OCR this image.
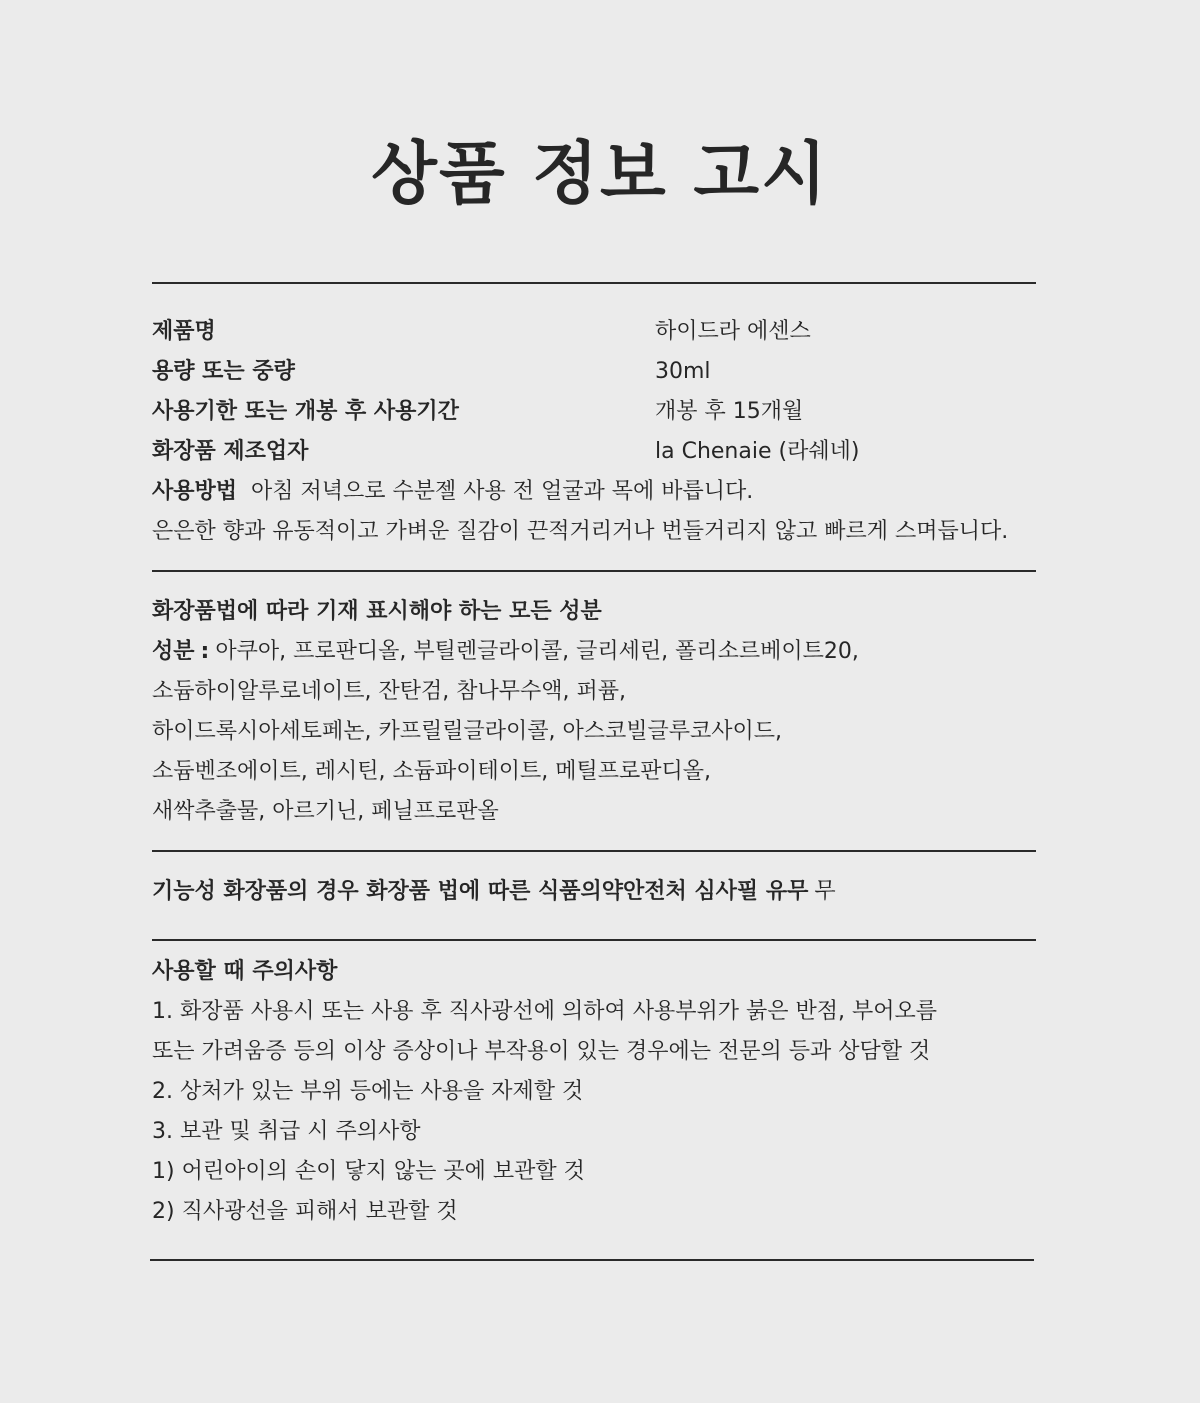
상품 정보 고시
제품명	하이드라 에센스
용량 또는 중량	30ml
사용기한 또는 개봉 후 사용기간	개봉 후 15개월
화장품 제조업자	la Chenaie (라쉐네)
사용방법 아침 저녁으로 수분젤 사용 전 얼굴과 목에 바릅니다.
은은한 향과 유동적이고 가벼운 질감이 끈적거리거나 번들거리지 않고 빠르게 스며듭니다.
화장품법에 따라 기재 표시해야 하는 모든 성분
성분 : 아쿠아, 프로판디올, 부틸렌글라이콜, 글리세린, 폴리소르베이트20,
소듐하이알루로네이트, 잔탄검, 참나무수액, 퍼퓸,
하이드록시아세토페논, 카프릴릴글라이콜, 아스코빌글루코사이드,
소듐벤조에이트, 레시틴, 소듐파이테이트, 메틸프로판디올,
새싹추출물, 아르기닌, 페닐프로판올
기능성 화장품의 경우 화장품 법에 따른 식품의약안전처 심사필 유무 무
사용할 때 주의사항
1. 화장품 사용시 또는 사용 후 직사광선에 의하여 사용부위가 붉은 반점, 부어오름
또는 가려움증 등의 이상 증상이나 부작용이 있는 경우에는 전문의 등과 상담할 것
2. 상처가 있는 부위 등에는 사용을 자제할 것
3. 보관 및 취급 시 주의사항
1) 어린아이의 손이 닿지 않는 곳에 보관할 것
2) 직사광선을 피해서 보관할 것
